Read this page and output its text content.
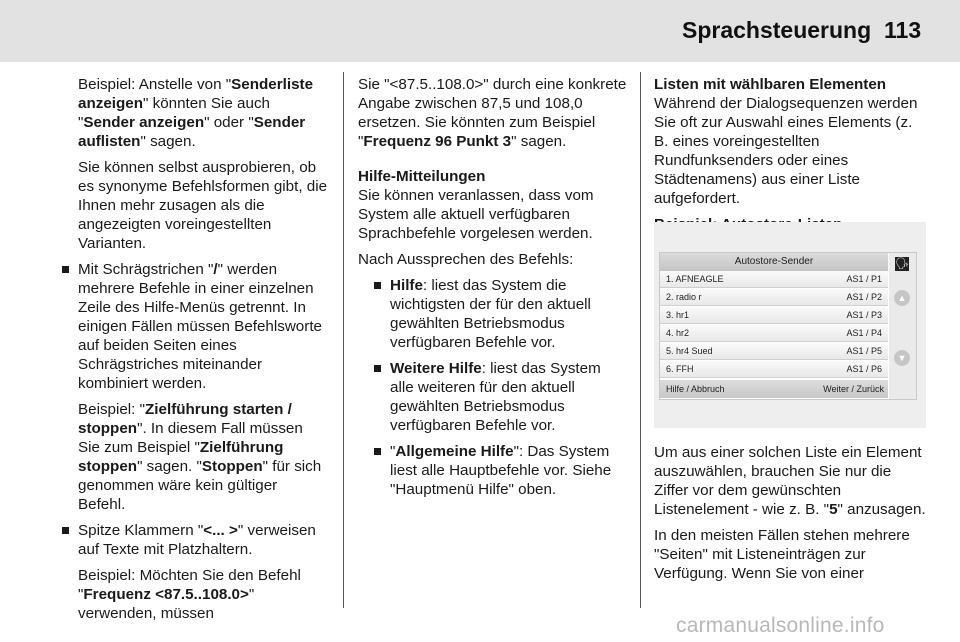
Sprachsteuerung 113

Beispiel: Anstelle von "Senderliste anzeigen" könnten Sie auch "Sender anzeigen" oder "Sender auflisten" sagen.

Sie können selbst ausprobieren, ob es synonyme Befehlsformen gibt, die Ihnen mehr zusagen als die angezeigten voreingestellten Varianten.

Mit Schrägstrichen "/" werden mehrere Befehle in einer einzelnen Zeile des Hilfe-Menüs getrennt. In einigen Fällen müssen Befehlsworte auf beiden Seiten eines Schrägstriches miteinander kombiniert werden.

Beispiel: "Zielführung starten / stoppen". In diesem Fall müssen Sie zum Beispiel "Zielführung stoppen" sagen. "Stoppen" für sich genommen wäre kein gültiger Befehl.

Spitze Klammern "<... >" verweisen auf Texte mit Platzhaltern.

Beispiel: Möchten Sie den Befehl "Frequenz <87.5..108.0>" verwenden, müssen

Sie "<87.5..108.0>" durch eine konkrete Angabe zwischen 87,5 und 108,0 ersetzen. Sie könnten zum Beispiel "Frequenz 96 Punkt 3" sagen.

Hilfe-Mitteilungen

Sie können veranlassen, dass vom System alle aktuell verfügbaren Sprachbefehle vorgelesen werden.

Nach Aussprechen des Befehls:

Hilfe: liest das System die wichtigsten der für den aktuell gewählten Betriebsmodus verfügbaren Befehle vor.

Weitere Hilfe: liest das System alle weiteren für den aktuell gewählten Betriebsmodus verfügbaren Befehle vor.

"Allgemeine Hilfe": Das System liest alle Hauptbefehle vor. Siehe "Hauptmenü Hilfe" oben.

Listen mit wählbaren Elementen

Während der Dialogsequenzen werden Sie oft zur Auswahl eines Elements (z. B. eines voreingestellten Rundfunksenders oder eines Städtenamens) aus einer Liste aufgefordert.

Um aus einer solchen Liste ein Element auszuwählen, brauchen Sie nur die Ziffer vor dem gewünschten Listenelement - wie z. B. "5" anzusagen.

In den meisten Fällen stehen mehrere "Seiten" mit Listeneinträgen zur Verfügung. Wenn Sie von einer

Autostore-Sender
1. AFNEAGLE	AS1 / P1
2. radio r	AS1 / P2
3. hr1	AS1 / P3
4. hr2	AS1 / P4
5. hr4 Sued	AS1 / P5
6. FFH	AS1 / P6
Hilfe / Abbruch	Weiter / Zurück
🗣
▲
▼
carmanualsonline.info
